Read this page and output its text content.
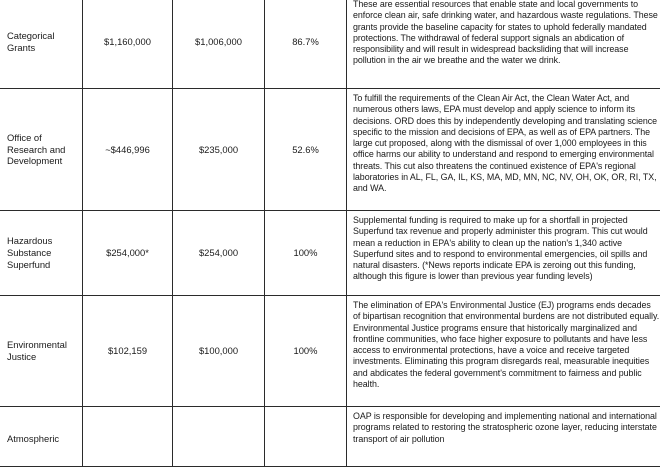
Categorical Grants	$1,160,000	$1,006,000	86.7%	These are essential resources that enable state and local governments to enforce clean air, safe drinking water, and hazardous waste regulations. These grants provide the baseline capacity for states to uphold federally mandated protections. The withdrawal of federal support signals an abdication of responsibility and will result in widespread backsliding that will increase pollution in the air we breathe and the water we drink.
Office of Research and Development	~$446,996	$235,000	52.6%	To fulfill the requirements of the Clean Air Act, the Clean Water Act, and numerous others laws, EPA must develop and apply science to inform its decisions. ORD does this by independently developing and translating science specific to the mission and decisions of EPA, as well as of EPA partners. The large cut proposed, along with the dismissal of over 1,000 employees in this office harms our ability to understand and respond to emerging environmental threats. This cut also threatens the continued existence of EPA's regional laboratories in AL, FL, GA, IL, KS, MA, MD, MN, NC, NV, OH, OK, OR, RI, TX, and WA.
Hazardous Substance Superfund	$254,000*	$254,000	100%	Supplemental funding is required to make up for a shortfall in projected Superfund tax revenue and properly administer this program. This cut would mean a reduction in EPA's ability to clean up the nation's 1,340 active Superfund sites and to respond to environmental emergencies, oil spills and natural disasters. (*News reports indicate EPA is zeroing out this funding, although this figure is lower than previous year funding levels)
Environmental Justice	$102,159	$100,000	100%	The elimination of EPA's Environmental Justice (EJ) programs ends decades of bipartisan recognition that environmental burdens are not distributed equally. Environmental Justice programs ensure that historically marginalized and frontline communities, who face higher exposure to pollutants and have less access to environmental protections, have a voice and receive targeted investments. Eliminating this program disregards real, measurable inequities and abdicates the federal government's commitment to fairness and public health.
Atmospheric				OAP is responsible for developing and implementing national and international programs related to restoring the stratospheric ozone layer, reducing interstate transport of air pollution
